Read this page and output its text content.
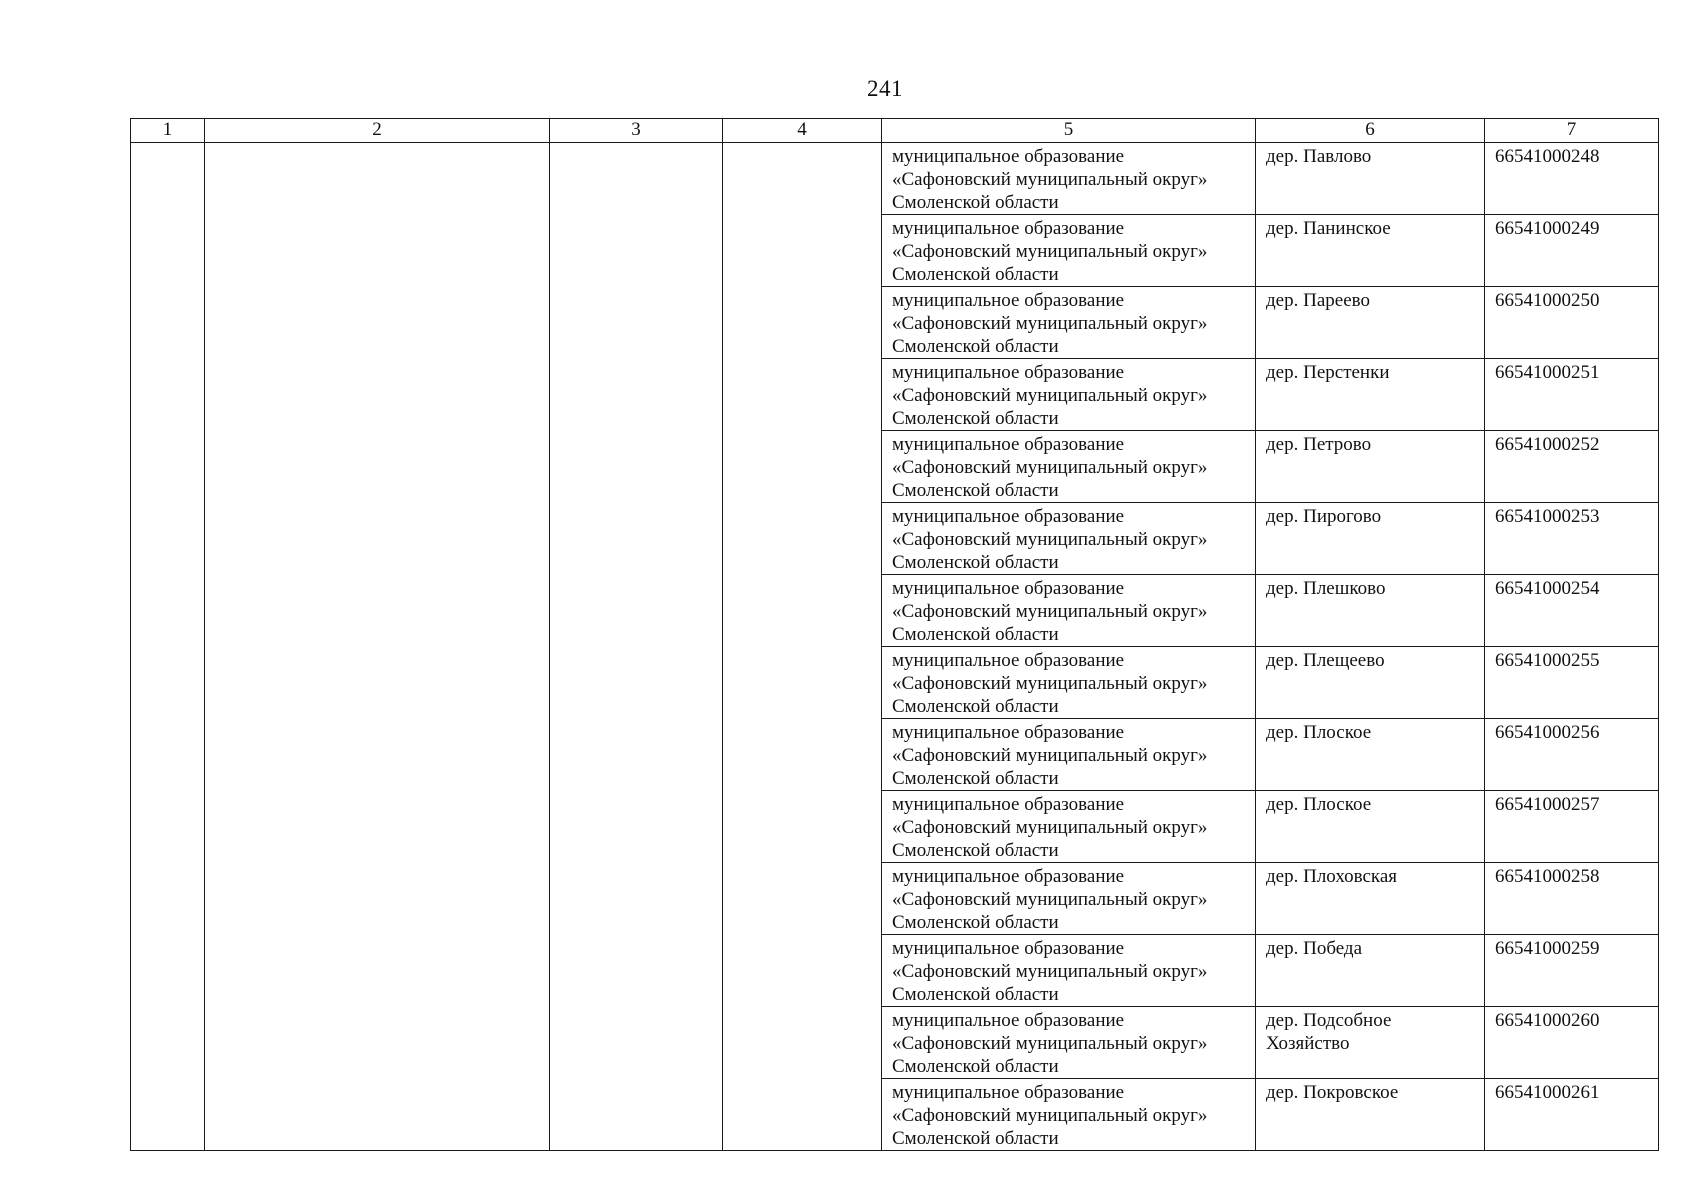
241
1	2	3	4	5	6	7

				муниципальное образование
«Сафоновский муниципальный округ»
Смоленской области	дер. Павлово	66541000248

				муниципальное образование
«Сафоновский муниципальный округ»
Смоленской области	дер. Панинское	66541000249

				муниципальное образование
«Сафоновский муниципальный округ»
Смоленской области	дер. Пареево	66541000250

				муниципальное образование
«Сафоновский муниципальный округ»
Смоленской области	дер. Перстенки	66541000251

				муниципальное образование
«Сафоновский муниципальный округ»
Смоленской области	дер. Петрово	66541000252

				муниципальное образование
«Сафоновский муниципальный округ»
Смоленской области	дер. Пирогово	66541000253

				муниципальное образование
«Сафоновский муниципальный округ»
Смоленской области	дер. Плешково	66541000254

				муниципальное образование
«Сафоновский муниципальный округ»
Смоленской области	дер. Плещеево	66541000255

				муниципальное образование
«Сафоновский муниципальный округ»
Смоленской области	дер. Плоское	66541000256

				муниципальное образование
«Сафоновский муниципальный округ»
Смоленской области	дер. Плоское	66541000257

				муниципальное образование
«Сафоновский муниципальный округ»
Смоленской области	дер. Плоховская	66541000258

				муниципальное образование
«Сафоновский муниципальный округ»
Смоленской области	дер. Победа	66541000259

				муниципальное образование
«Сафоновский муниципальный округ»
Смоленской области	дер. Подсобное
Хозяйство	66541000260

				муниципальное образование
«Сафоновский муниципальный округ»
Смоленской области	дер. Покровское	66541000261
